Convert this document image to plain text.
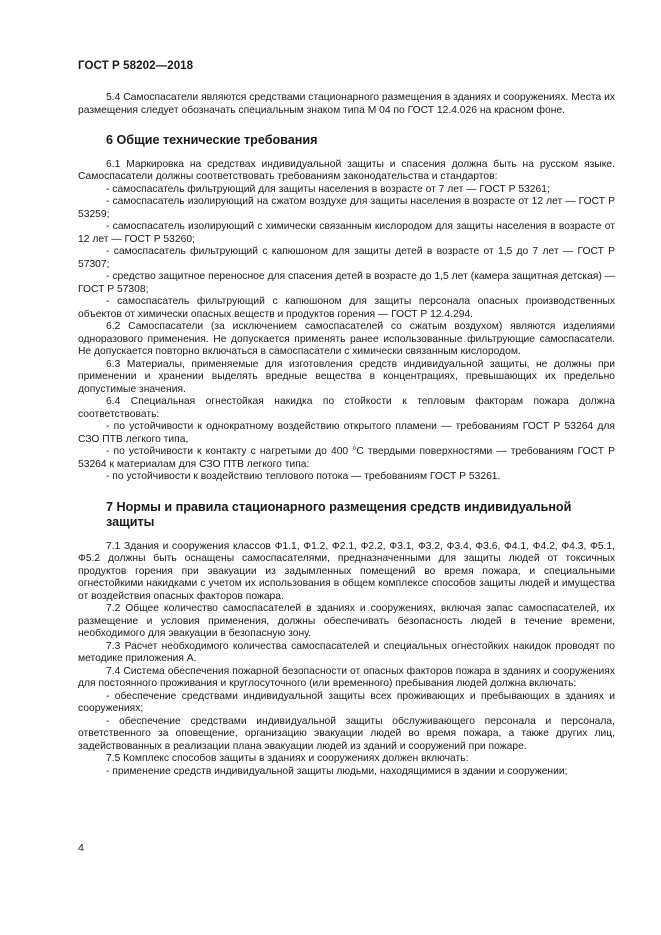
ГОСТ Р 58202—2018

5.4 Самоспасатели являются средствами стационарного размещения в зданиях и сооружениях. Места их размещения следует обозначать специальным знаком типа М 04 по ГОСТ 12.4.026 на красном фоне.

6 Общие технические требования

6.1 Маркировка на средствах индивидуальной защиты и спасения должна быть на русском языке. Самоспасатели должны соответствовать требованиям законодательства и стандартов:

- самоспасатель фильтрующий для защиты населения в возрасте от 7 лет — ГОСТ Р 53261;

- самоспасатель изолирующий на сжатом воздухе для защиты населения в возрасте от 12 лет — ГОСТ Р 53259;

- самоспасатель изолирующий с химически связанным кислородом для защиты населения в возрасте от 12 лет — ГОСТ Р 53260;

- самоспасатель фильтрующий с капюшоном для защиты детей в возрасте от 1,5 до 7 лет — ГОСТ Р 57307;

- средство защитное переносное для спасения детей в возрасте до 1,5 лет (камера защитная детская) — ГОСТ Р 57308;

- самоспасатель фильтрующий с капюшоном для защиты персонала опасных производственных объектов от химически опасных веществ и продуктов горения — ГОСТ Р 12.4.294.

6.2 Самоспасатели (за исключением самоспасателей со сжатым воздухом) являются изделиями одноразового применения. Не допускается применять ранее использованные фильтрующие самоспасатели. Не допускается повторно включаться в самоспасатели с химически связанным кислородом.

6.3 Материалы, применяемые для изготовления средств индивидуальной защиты, не должны при применении и хранении выделять вредные вещества в концентрациях, превышающих их предельно допустимые значения.

6.4 Специальная огнестойкая накидка по стойкости к тепловым факторам пожара должна соответствовать:

- по устойчивости к однократному воздействию открытого пламени — требованиям ГОСТ Р 53264 для СЗО ПТВ легкого типа,

- по устойчивости к контакту с нагретыми до 400 °С твердыми поверхностями — требованиям ГОСТ Р 53264 к материалам для СЗО ПТВ легкого типа:

- по устойчивости к воздействию теплового потока — требованиям ГОСТ Р 53261.

7 Нормы и правила стационарного размещения средств индивидуальной защиты

7.1 Здания и сооружения классов Ф1.1, Ф1.2, Ф2.1, Ф2.2, Ф3.1, Ф3.2, Ф3.4, Ф3.6, Ф4.1, Ф4.2, Ф4.3, Ф5.1, Ф5.2 должны быть оснащены самоспасателями, предназначенными для защиты людей от токсичных продуктов горения при эвакуации из задымленных помещений во время пожара, и специальными огнестойкими накидками с учетом их использования в общем комплексе способов защиты людей и имущества от воздействия опасных факторов пожара.

7.2 Общее количество самоспасателей в зданиях и сооружениях, включая запас самоспасателей, их размещение и условия применения, должны обеспечивать безопасность людей в течение времени, необходимого для эвакуации в безопасную зону.

7.3 Расчет необходимого количества самоспасателей и специальных огнестойких накидок проводят по методике приложения А.

7.4 Система обеспечения пожарной безопасности от опасных факторов пожара в зданиях и сооружениях для постоянного проживания и круглосуточного (или временного) пребывания людей должна включать:

- обеспечение средствами индивидуальной защиты всех проживающих и пребывающих в зданиях и сооружениях;

- обеспечение средствами индивидуальной защиты обслуживающего персонала и персонала, ответственного за оповещение, организацию эвакуации людей во время пожара, а также других лиц, задействованных в реализации плана эвакуации людей из зданий и сооружений при пожаре.

7.5 Комплекс способов защиты в зданиях и сооружениях должен включать:

- применение средств индивидуальной защиты людьми, находящимися в здании и сооружении;

4
